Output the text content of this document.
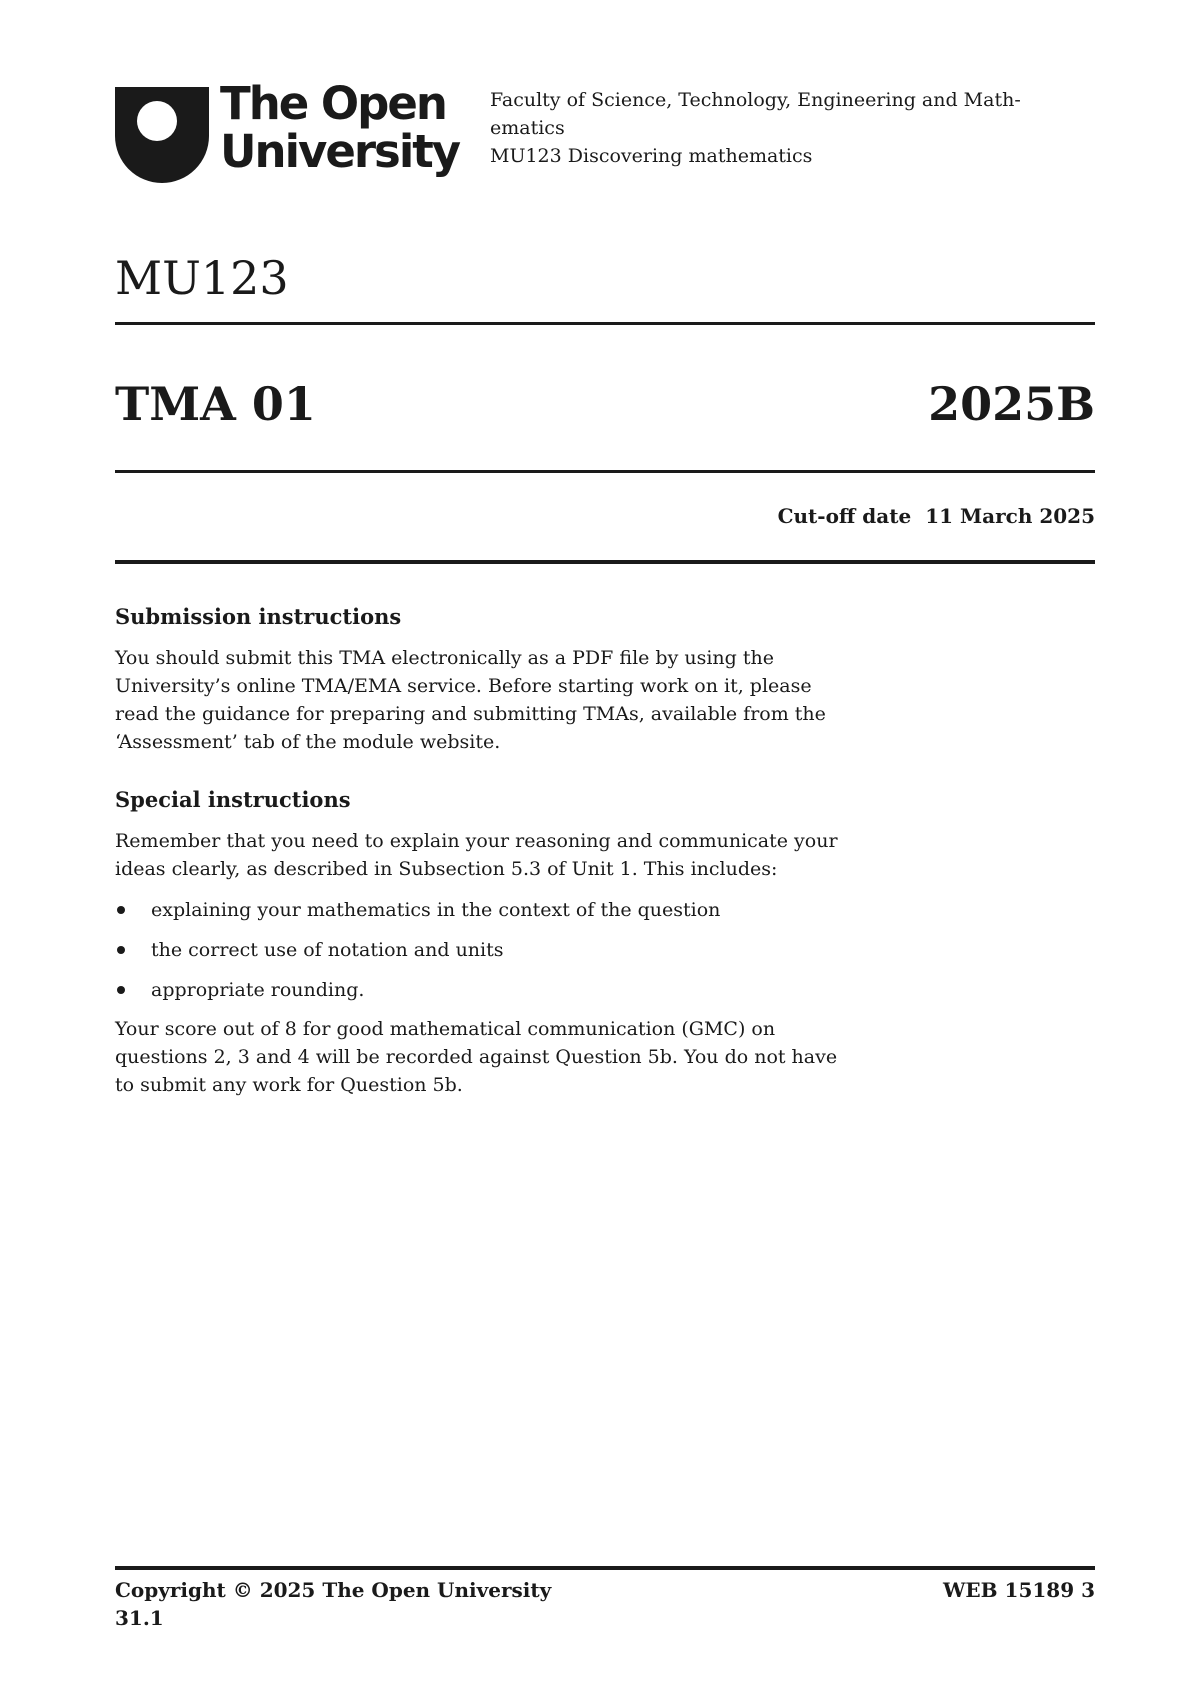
The Open
University
Faculty of Science, Technology, Engineering and Math-
ematics
MU123 Discovering mathematics
MU123
TMA 01	2025B
Cut-off date 11 March 2025
Submission instructions

You should submit this TMA electronically as a PDF file by using the
University’s online TMA/EMA service. Before starting work on it, please
read the guidance for preparing and submitting TMAs, available from the
‘Assessment’ tab of the module website.

Special instructions

Remember that you need to explain your reasoning and communicate your
ideas clearly, as described in Subsection 5.3 of Unit 1. This includes:

explaining your mathematics in the context of the question
the correct use of notation and units
appropriate rounding.

Your score out of 8 for good mathematical communication (GMC) on
questions 2, 3 and 4 will be recorded against Question 5b. You do not have
to submit any work for Question 5b.

Copyright © 2025 The Open University
31.1
WEB 15189 3
